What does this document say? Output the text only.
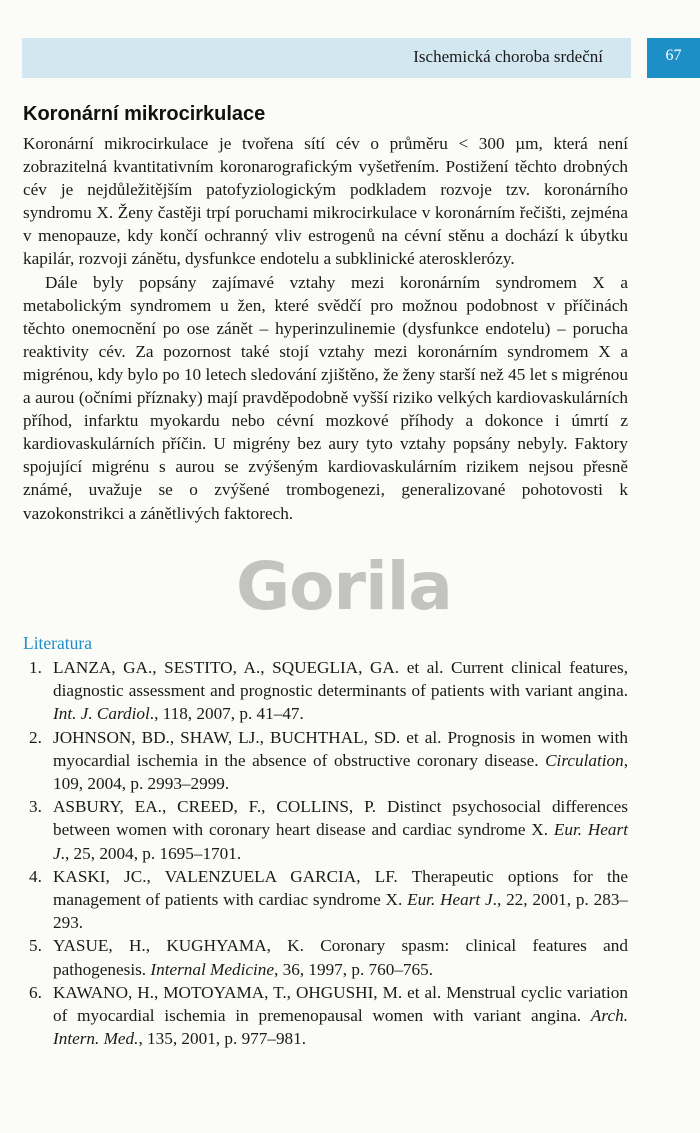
Ischemická choroba srdeční	67
Koronární mikrocirkulace

Koronární mikrocirkulace je tvořena sítí cév o průměru < 300 µm, která není zobrazitelná kvantitativním koronarografickým vyšetřením. Postižení těchto drobných cév je nejdůležitějším patofyziologickým podkladem rozvoje tzv. koronárního syndromu X. Ženy častěji trpí poruchami mikrocirkulace v koronárním řečišti, zejména v menopauze, kdy končí ochranný vliv estrogenů na cévní stěnu a dochází k úbytku kapilár, rozvoji zánětu, dysfunkce endotelu a subklinické aterosklerózy.

Dále byly popsány zajímavé vztahy mezi koronárním syndromem X a metabolickým syndromem u žen, které svědčí pro možnou podobnost v příčinách těchto onemocnění po ose zánět – hyperinzulinemie (dysfunkce endotelu) – porucha reaktivity cév. Za pozornost také stojí vztahy mezi koronárním syndromem X a migrénou, kdy bylo po 10 letech sledování zjištěno, že ženy starší než 45 let s migrénou a aurou (očními příznaky) mají pravděpodobně vyšší riziko velkých kardiovaskulárních příhod, infarktu myokardu nebo cévní mozkové příhody a dokonce i úmrtí z kardiovaskulárních příčin. U migrény bez aury tyto vztahy popsány nebyly. Faktory spojující migrénu s aurou se zvýšeným kardiovaskulárním rizikem nejsou přesně známé, uvažuje se o zvýšené trombogenezi, generalizované pohotovosti k vazokonstrikci a zánětlivých faktorech.

Gorila
Literatura
1. LANZA, GA., SESTITO, A., SQUEGLIA, GA. et al. Current clinical features, diagnostic assessment and prognostic determinants of patients with variant angina. Int. J. Cardiol., 118, 2007, p. 41–47.
2. JOHNSON, BD., SHAW, LJ., BUCHTHAL, SD. et al. Prognosis in women with myocardial ischemia in the absence of obstructive coronary disease. Circulation, 109, 2004, p. 2993–2999.
3. ASBURY, EA., CREED, F., COLLINS, P. Distinct psychosocial differences between women with coronary heart disease and cardiac syndrome X. Eur. Heart J., 25, 2004, p. 1695–1701.
4. KASKI, JC., VALENZUELA GARCIA, LF. Therapeutic options for the management of patients with cardiac syndrome X. Eur. Heart J., 22, 2001, p. 283–293.
5. YASUE, H., KUGHYAMA, K. Coronary spasm: clinical features and pathogenesis. Internal Medicine, 36, 1997, p. 760–765.
6. KAWANO, H., MOTOYAMA, T., OHGUSHI, M. et al. Menstrual cyclic variation of myocardial ischemia in premenopausal women with variant angina. Arch. Intern. Med., 135, 2001, p. 977–981.
